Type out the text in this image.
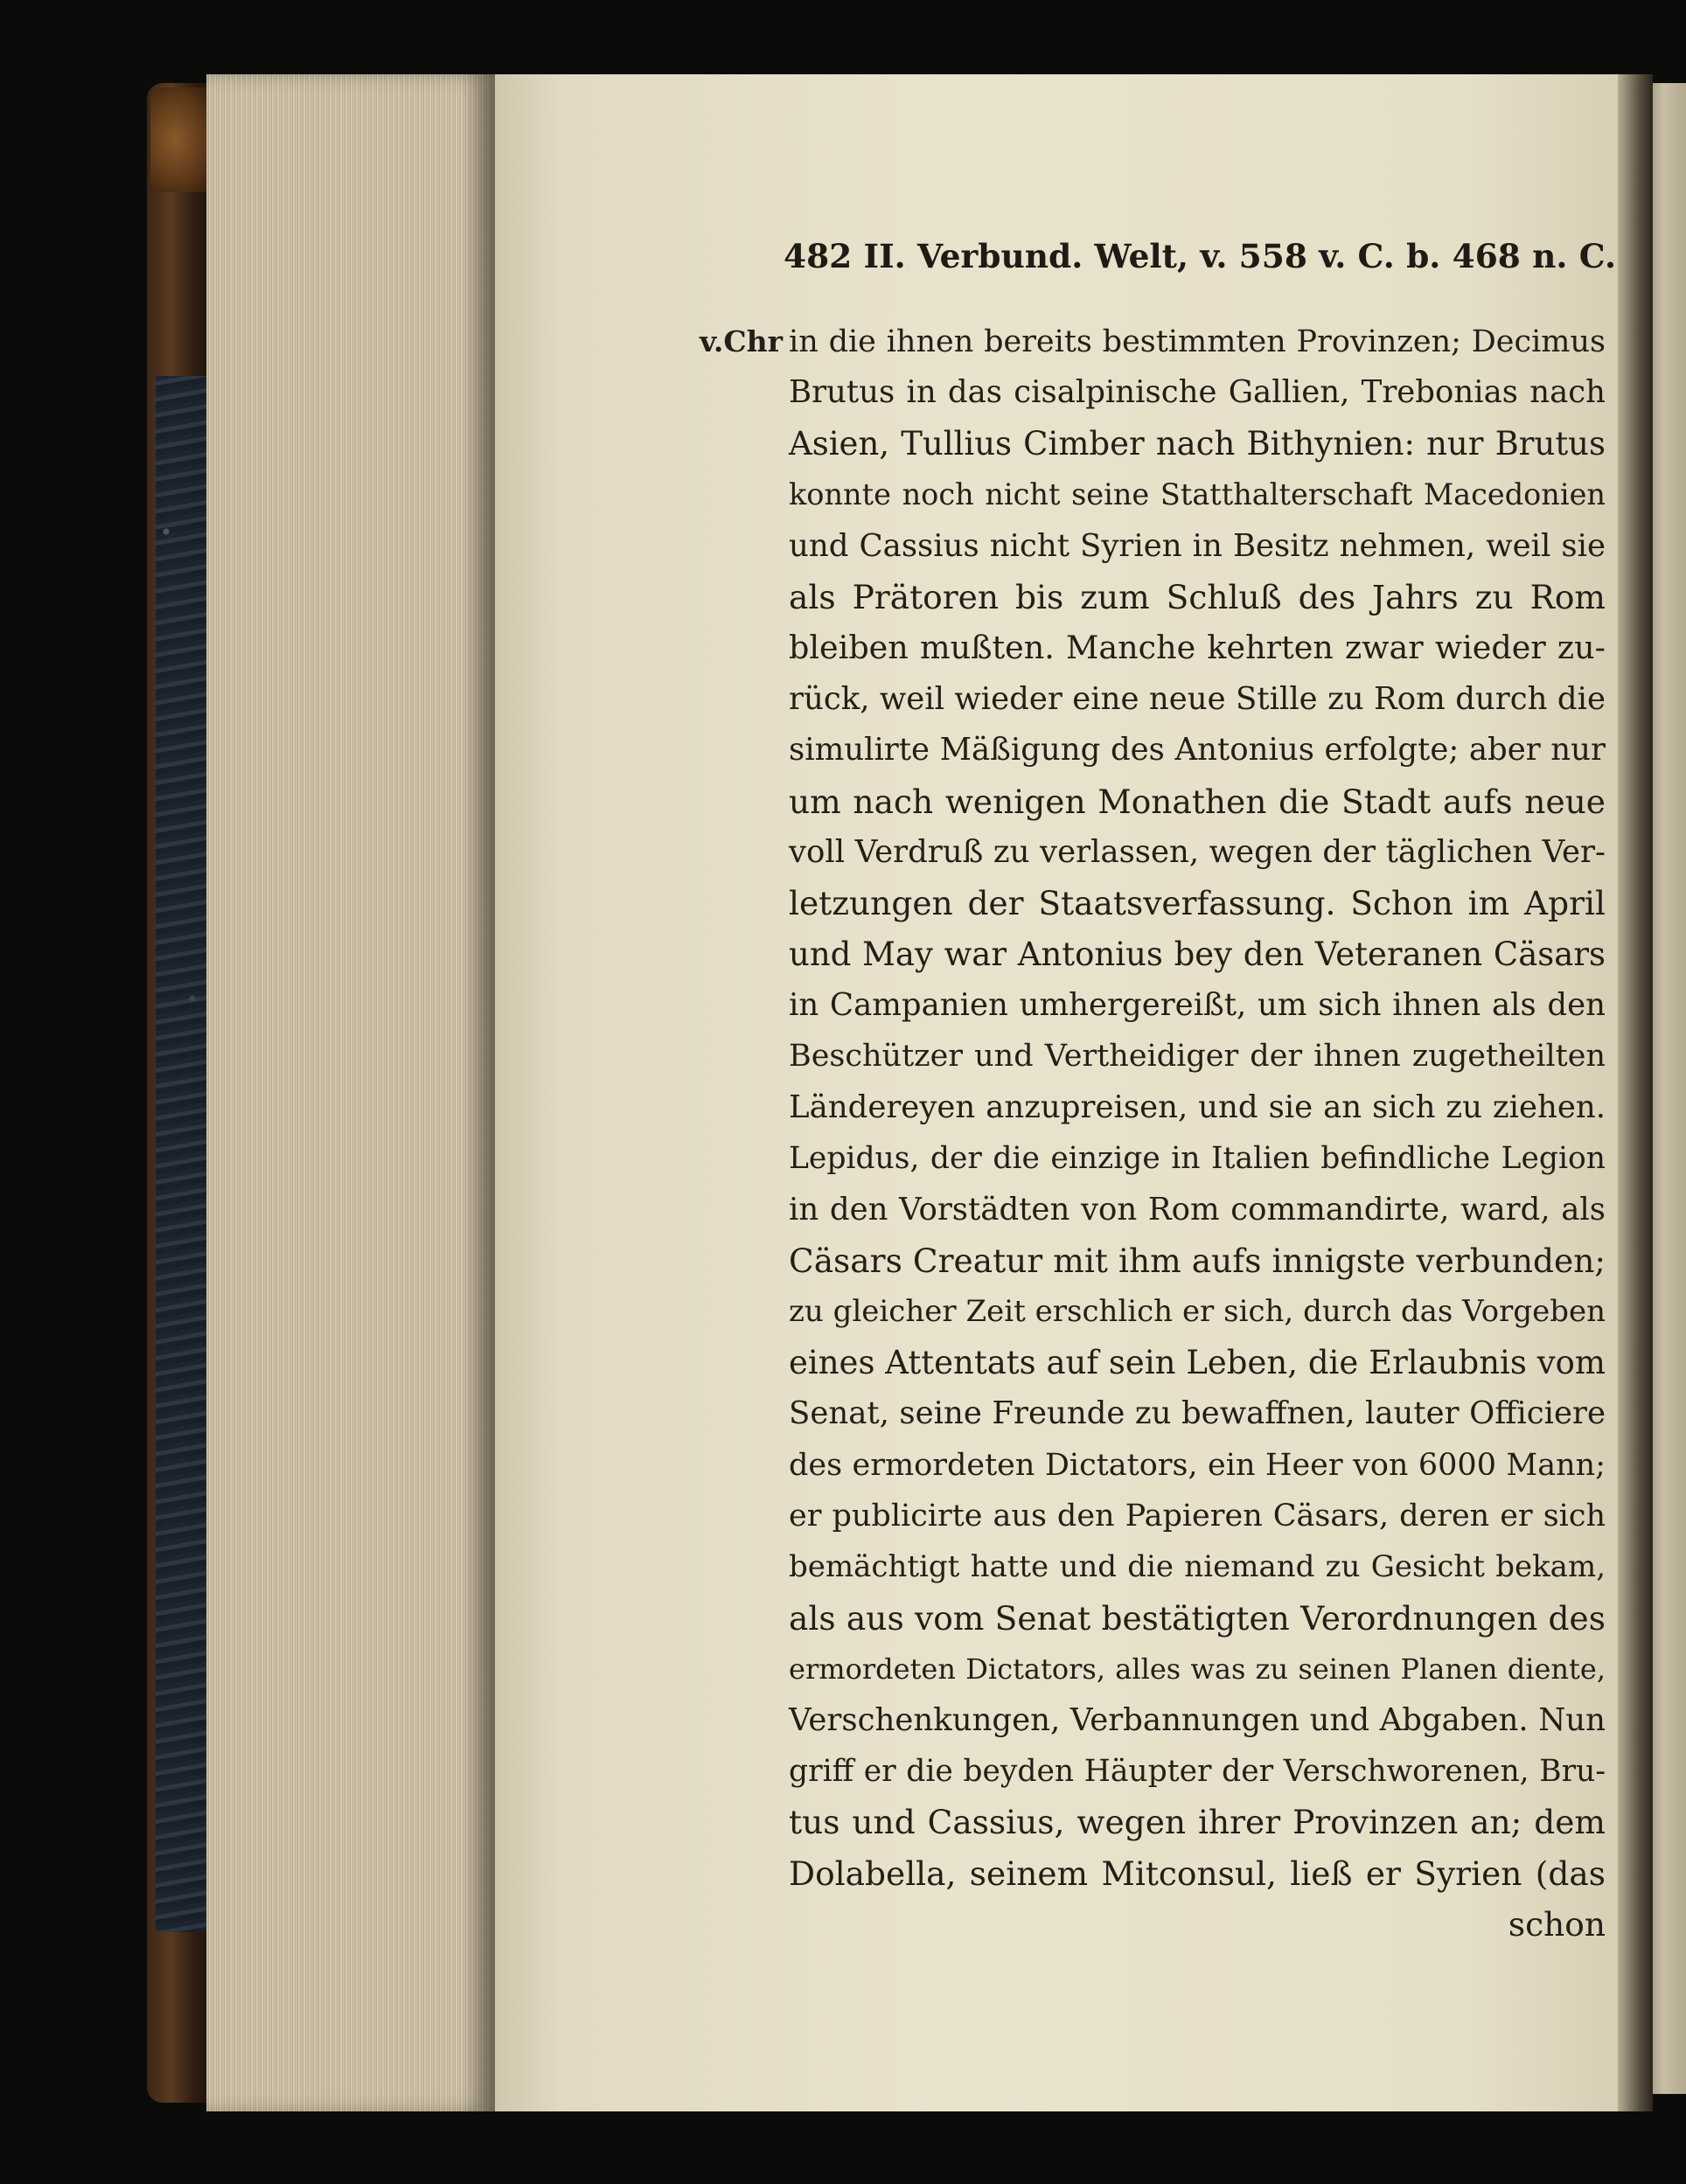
482 II. Verbund. Welt, v. 558 v. C. b. 468 n. C.
v.Chr in die ihnen bereits bestimmten Provinzen; Decimus
Brutus in das cisalpinische Gallien, Trebonias nach
Asien, Tullius Cimber nach Bithynien: nur Brutus
konnte noch nicht seine Statthalterschaft Macedonien
und Cassius nicht Syrien in Besitz nehmen, weil sie
als Prätoren bis zum Schluß des Jahrs zu Rom
bleiben mußten. Manche kehrten zwar wieder zu-
rück, weil wieder eine neue Stille zu Rom durch die
simulirte Mäßigung des Antonius erfolgte; aber nur
um nach wenigen Monathen die Stadt aufs neue
voll Verdruß zu verlassen, wegen der täglichen Ver-
letzungen der Staatsverfassung. Schon im April
und May war Antonius bey den Veteranen Cäsars
in Campanien umhergereißt, um sich ihnen als den
Beschützer und Vertheidiger der ihnen zugetheilten
Ländereyen anzupreisen, und sie an sich zu ziehen.
Lepidus, der die einzige in Italien befindliche Legion
in den Vorstädten von Rom commandirte, ward, als
Cäsars Creatur mit ihm aufs innigste verbunden;
zu gleicher Zeit erschlich er sich, durch das Vorgeben
eines Attentats auf sein Leben, die Erlaubnis vom
Senat, seine Freunde zu bewaffnen, lauter Officiere
des ermordeten Dictators, ein Heer von 6000 Mann;
er publicirte aus den Papieren Cäsars, deren er sich
bemächtigt hatte und die niemand zu Gesicht bekam,
als aus vom Senat bestätigten Verordnungen des
ermordeten Dictators, alles was zu seinen Planen diente,
Verschenkungen, Verbannungen und Abgaben. Nun
griff er die beyden Häupter der Verschworenen, Bru-
tus und Cassius, wegen ihrer Provinzen an; dem
Dolabella, seinem Mitconsul, ließ er Syrien (das
schon
